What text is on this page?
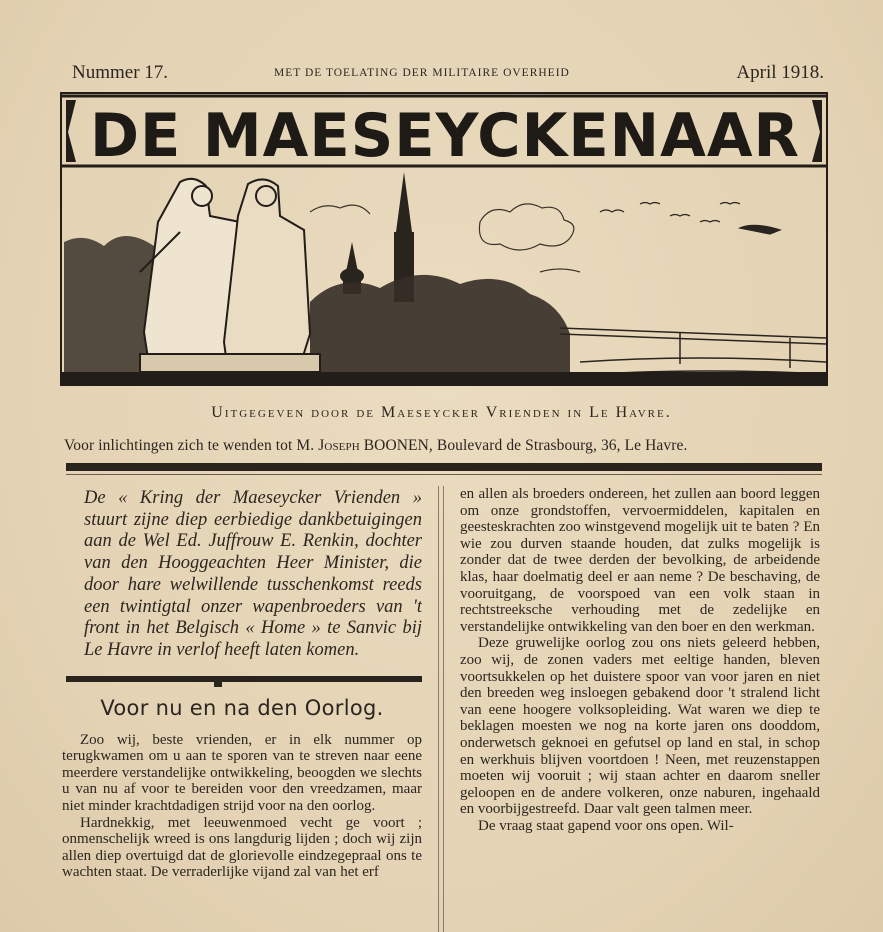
Nummer 17.	MET DE TOELATING DER MILITAIRE OVERHEID	April 1918.
DE MAESEYCKENAAR
Uitgegeven door de Maeseycker Vrienden in Le Havre.
Voor inlichtingen zich te wenden tot M. Joseph BOONEN, Boulevard de Strasbourg, 36, Le Havre.

De « Kring der Maeseycker Vrienden » stuurt zijne diep eerbiedige dankbetuigingen aan de Wel Ed. Juffrouw E. Renkin, dochter van den Hooggeachten Heer Minister, die door hare welwillende tusschenkomst reeds een twintigtal onzer wapenbroeders van 't front in het Belgisch « Home » te Sanvic bij Le Havre in verlof heeft laten komen.

Voor nu en na den Oorlog.

Zoo wij, beste vrienden, er in elk nummer op terugkwamen om u aan te sporen van te streven naar eene meerdere verstandelijke ontwikkeling, beoogden we slechts u van nu af voor te bereiden voor den vreedzamen, maar niet minder krachtdadigen strijd voor na den oorlog.

Hardnekkig, met leeuwenmoed vecht ge voort ; onmenschelijk wreed is ons langdurig lijden ; doch wij zijn allen diep overtuigd dat de glorievolle eindzegepraal ons te wachten staat. De verraderlijke vijand zal van het erf

en allen als broeders ondereen, het zullen aan boord leggen om onze grondstoffen, vervoermiddelen, kapitalen en geesteskrachten zoo winstgevend mogelijk uit te baten ? En wie zou durven staande houden, dat zulks mogelijk is zonder dat de twee derden der bevolking, de arbeidende klas, haar doelmatig deel er aan neme ? De beschaving, de vooruitgang, de voorspoed van een volk staan in rechtstreeksche verhouding met de zedelijke en verstandelijke ontwikkeling van den boer en den werkman.

Deze gruwelijke oorlog zou ons niets geleerd hebben, zoo wij, de zonen vaders met eeltige handen, bleven voortsukkelen op het duistere spoor van voor jaren en niet den breeden weg insloegen gebakend door 't stralend licht van eene hoogere volksopleiding. Wat waren we diep te beklagen moesten we nog na korte jaren ons dooddom, onderwetsch geknoei en gefutsel op land en stal, in schop en werkhuis blijven voortdoen ! Neen, met reuzenstappen moeten wij vooruit ; wij staan achter en daarom sneller geloopen en de andere volkeren, onze naburen, ingehaald en voorbijgestreefd. Daar valt geen talmen meer.

De vraag staat gapend voor ons open. Wil-
